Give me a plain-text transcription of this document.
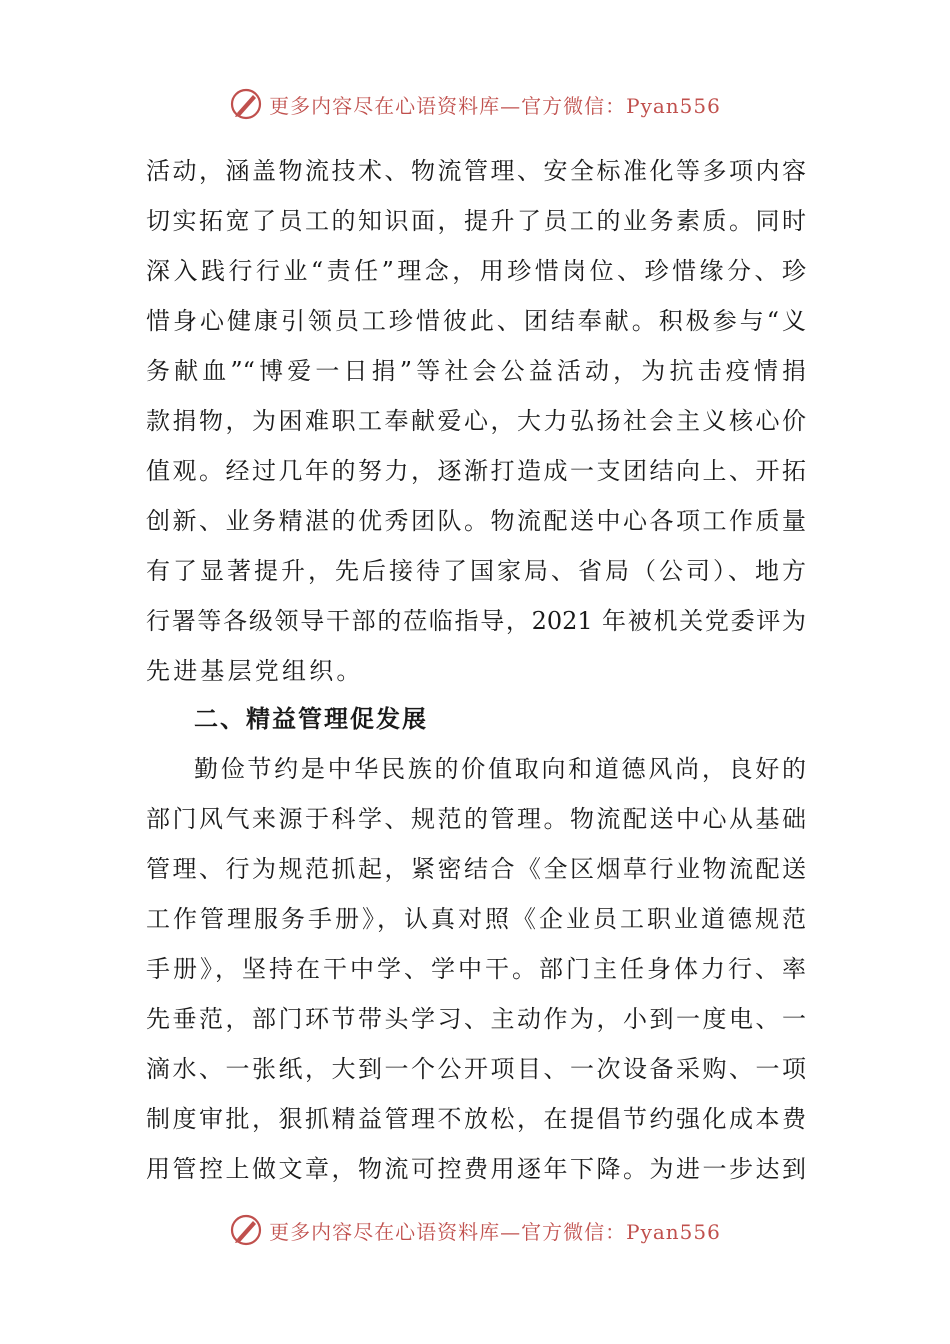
更多内容尽在心语资料库—官方微信：Pyan556
活动，涵盖物流技术、物流管理、安全标准化等多项内容
切实拓宽了员工的知识面，提升了员工的业务素质。同时
深入践行行业“责任”理念，用珍惜岗位、珍惜缘分、珍
惜身心健康引领员工珍惜彼此、团结奉献。积极参与“义
务献血”“博爱一日捐”等社会公益活动，为抗击疫情捐
款捐物，为困难职工奉献爱心，大力弘扬社会主义核心价
值观。经过几年的努力，逐渐打造成一支团结向上、开拓
创新、业务精湛的优秀团队。物流配送中心各项工作质量
有了显著提升，先后接待了国家局、省局（公司）、地方
行署等各级领导干部的莅临指导，2021 年被机关党委评为
先进基层党组织。
二、精益管理促发展
勤俭节约是中华民族的价值取向和道德风尚，良好的
部门风气来源于科学、规范的管理。物流配送中心从基础
管理、行为规范抓起，紧密结合《全区烟草行业物流配送
工作管理服务手册》，认真对照《企业员工职业道德规范
手册》，坚持在干中学、学中干。部门主任身体力行、率
先垂范，部门环节带头学习、主动作为，小到一度电、一
滴水、一张纸，大到一个公开项目、一次设备采购、一项
制度审批，狠抓精益管理不放松，在提倡节约强化成本费
用管控上做文章，物流可控费用逐年下降。为进一步达到
更多内容尽在心语资料库—官方微信：Pyan556
